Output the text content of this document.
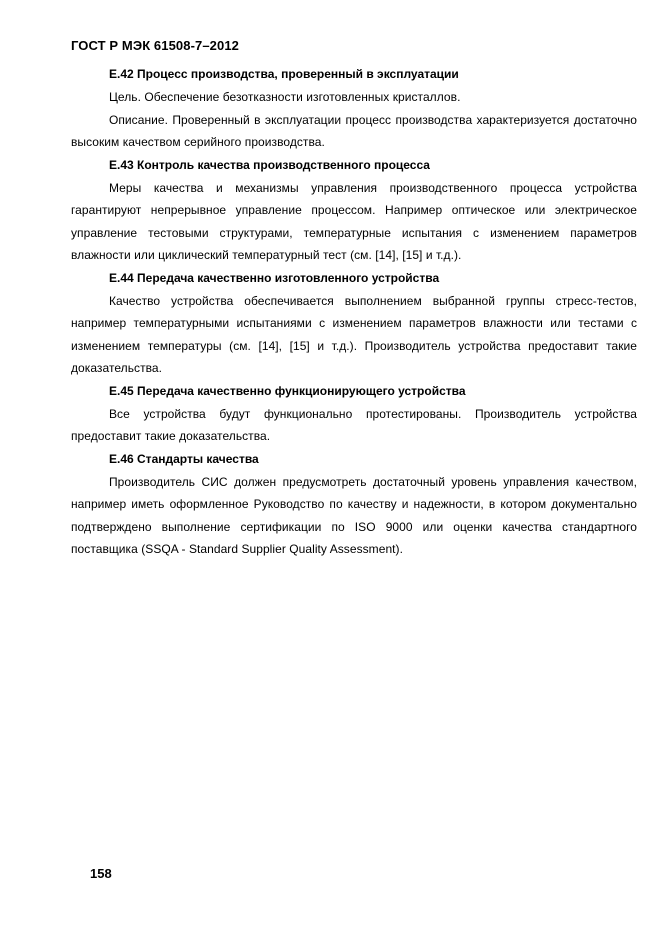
ГОСТ Р МЭК 61508-7–2012

Е.42 Процесс производства, проверенный в эксплуатации

Цель. Обеспечение безотказности изготовленных кристаллов.

Описание. Проверенный в эксплуатации процесс производства характеризуется достаточно высоким качеством серийного производства.

Е.43 Контроль качества производственного процесса

Меры качества и механизмы управления производственного процесса устройства гарантируют непрерывное управление процессом. Например оптическое или электрическое управление тестовыми структурами, температурные испытания с изменением параметров влажности или циклический температурный тест (см. [14], [15] и т.д.).

Е.44 Передача качественно изготовленного устройства

Качество устройства обеспечивается выполнением выбранной группы стресс-тестов, например температурными испытаниями с изменением параметров влажности или тестами с изменением температуры (см. [14], [15] и т.д.). Производитель устройства предоставит такие доказательства.

Е.45 Передача качественно функционирующего устройства

Все устройства будут функционально протестированы. Производитель устройства предоставит такие доказательства.

Е.46 Стандарты качества

Производитель СИС должен предусмотреть достаточный уровень управления качеством, например иметь оформленное Руководство по качеству и надежности, в котором документально подтверждено выполнение сертификации по ISO 9000 или оценки качества стандартного поставщика (SSQA - Standard Supplier Quality Assessment).

158
